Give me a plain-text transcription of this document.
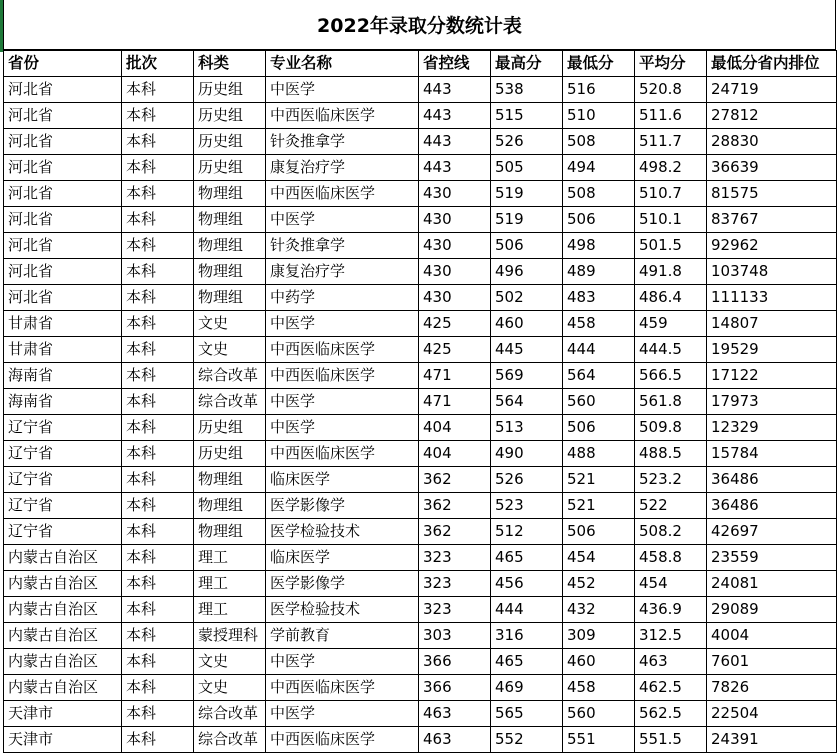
2022年录取分数统计表
省份	批次	科类	专业名称	省控线	最高分	最低分	平均分	最低分省内排位
河北省	本科	历史组	中医学	443	538	516	520.8	24719
河北省	本科	历史组	中西医临床医学	443	515	510	511.6	27812
河北省	本科	历史组	针灸推拿学	443	526	508	511.7	28830
河北省	本科	历史组	康复治疗学	443	505	494	498.2	36639
河北省	本科	物理组	中西医临床医学	430	519	508	510.7	81575
河北省	本科	物理组	中医学	430	519	506	510.1	83767
河北省	本科	物理组	针灸推拿学	430	506	498	501.5	92962
河北省	本科	物理组	康复治疗学	430	496	489	491.8	103748
河北省	本科	物理组	中药学	430	502	483	486.4	111133
甘肃省	本科	文史	中医学	425	460	458	459	14807
甘肃省	本科	文史	中西医临床医学	425	445	444	444.5	19529
海南省	本科	综合改革	中西医临床医学	471	569	564	566.5	17122
海南省	本科	综合改革	中医学	471	564	560	561.8	17973
辽宁省	本科	历史组	中医学	404	513	506	509.8	12329
辽宁省	本科	历史组	中西医临床医学	404	490	488	488.5	15784
辽宁省	本科	物理组	临床医学	362	526	521	523.2	36486
辽宁省	本科	物理组	医学影像学	362	523	521	522	36486
辽宁省	本科	物理组	医学检验技术	362	512	506	508.2	42697
内蒙古自治区	本科	理工	临床医学	323	465	454	458.8	23559
内蒙古自治区	本科	理工	医学影像学	323	456	452	454	24081
内蒙古自治区	本科	理工	医学检验技术	323	444	432	436.9	29089
内蒙古自治区	本科	蒙授理科	学前教育	303	316	309	312.5	4004
内蒙古自治区	本科	文史	中医学	366	465	460	463	7601
内蒙古自治区	本科	文史	中西医临床医学	366	469	458	462.5	7826
天津市	本科	综合改革	中医学	463	565	560	562.5	22504
天津市	本科	综合改革	中西医临床医学	463	552	551	551.5	24391
